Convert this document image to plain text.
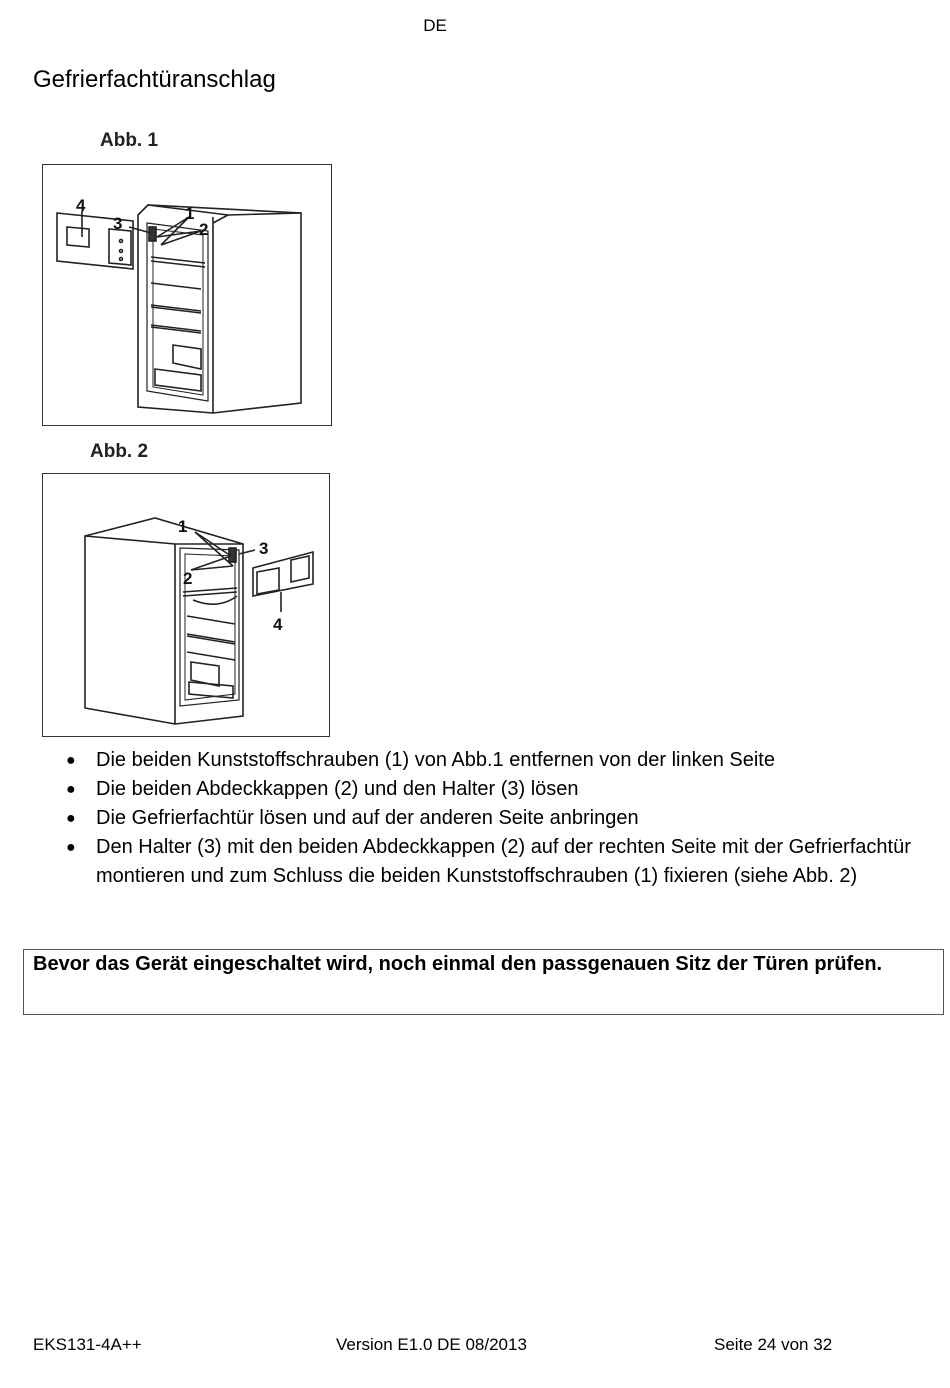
DE
Gefrierfachtüranschlag
Abb. 1
4
3
1
2
Abb. 2
1
2
3
4
● Die beiden Kunststoffschrauben (1) von Abb.1 entfernen von der linken Seite
● Die beiden Abdeckkappen (2) und den Halter (3) lösen
● Die Gefrierfachtür lösen und auf der anderen Seite anbringen
● Den Halter (3) mit den beiden Abdeckkappen (2) auf der rechten Seite mit der Gefrierfachtür montieren und zum Schluss die beiden Kunststoffschrauben (1) fixieren (siehe Abb. 2)
Bevor das Gerät eingeschaltet wird, noch einmal den passgenauen Sitz der Türen prüfen.
EKS131-4A++	Version E1.0 DE 08/2013	Seite 24 von 32
